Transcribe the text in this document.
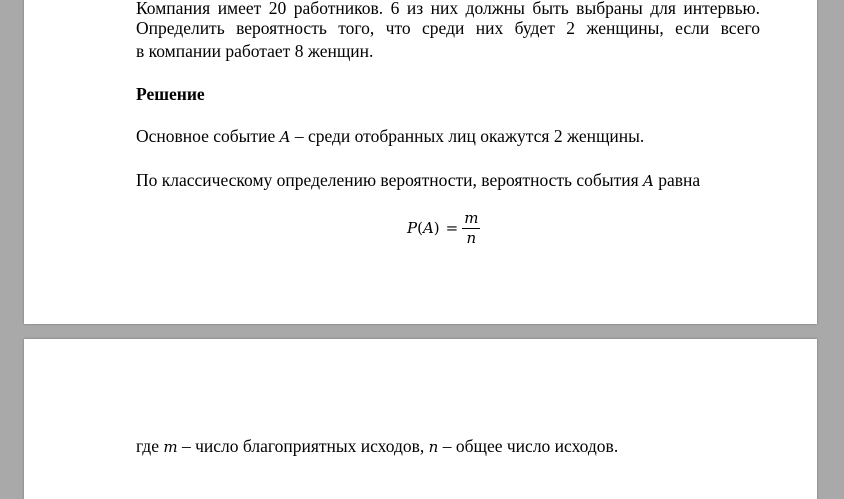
Компания имеет 20 работников. 6 из них должны быть выбраны для интервью.
Определить вероятность того, что среди них будет 2 женщины, если всего
в компании работает 8 женщин.
Решение
Основное событие A – среди отобранных лиц окажутся 2 женщины.
По классическому определению вероятности, вероятность события A равна
$P(A) = \frac{m}{n}$
где m – число благоприятных исходов, n – общее число исходов.
